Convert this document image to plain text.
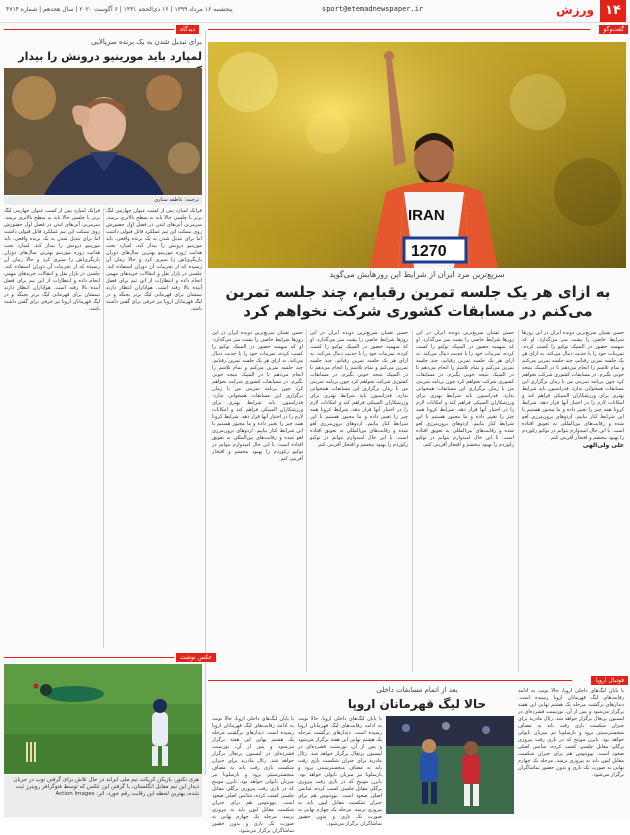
۱۴
ورزش
sport@etemadnewspaper.ir
پنجشنبه ۱۶ مرداد ۱۳۹۹ | ۱۶ ذی‌الحجه ۱۴۴۱ | ۶ آگوست ۲۰۲۰ | سال هجدهم | شماره ۴۷۱۴
گفت‌وگو
IRAN
1270
سریع‌ترین مرد ایران از شرایط این روزهایش می‌گوید
به ازای هر یک جلسه تمرین رقبایم، چند جلسه تمرین می‌کنم در مسابقات کشوری شرکت نخواهم کرد
حسن تفتیان سریع‌ترین دونده ایران در این روزها شرایط خاصی را پشت سر می‌گذارد. او که سهمیه حضور در المپیک توکیو را کسب کرده، تمرینات خود را با جدیت دنبال می‌کند. به ازای هر یک جلسه تمرین رقبایم، چند جلسه تمرین می‌کنم و تمام تلاشم را انجام می‌دهم تا در المپیک نتیجه خوبی بگیرم. در مسابقات کشوری شرکت نخواهم کرد چون برنامه تمرینی من با زمان برگزاری این مسابقات همخوانی ندارد. فدراسیون باید شرایط بهتری برای ورزشکاران المپیکی فراهم کند و امکانات لازم را در اختیار آنها قرار دهد. شرایط کرونا همه چیز را تغییر داده و ما مجبور هستیم با این شرایط کنار بیاییم. اردوهای برون‌مرزی لغو شده و رقابت‌های بین‌المللی به تعویق افتاده است. با این حال امیدوارم بتوانم در توکیو رکوردم را بهبود ببخشم و افتخار آفرینی کنم.
حسن تفتیان سریع‌ترین دونده ایران در این روزها شرایط خاصی را پشت سر می‌گذارد. او که سهمیه حضور در المپیک توکیو را کسب کرده، تمرینات خود را با جدیت دنبال می‌کند. به ازای هر یک جلسه تمرین رقبایم، چند جلسه تمرین می‌کنم و تمام تلاشم را انجام می‌دهم تا در المپیک نتیجه خوبی بگیرم. در مسابقات کشوری شرکت نخواهم کرد چون برنامه تمرینی من با زمان برگزاری این مسابقات همخوانی ندارد. فدراسیون باید شرایط بهتری برای ورزشکاران المپیکی فراهم کند و امکانات لازم را در اختیار آنها قرار دهد. شرایط کرونا همه چیز را تغییر داده و ما مجبور هستیم با این شرایط کنار بیاییم. اردوهای برون‌مرزی لغو شده و رقابت‌های بین‌المللی به تعویق افتاده است. با این حال امیدوارم بتوانم در توکیو رکوردم را بهبود ببخشم و افتخار آفرینی کنم.
حسن تفتیان سریع‌ترین دونده ایران در این روزها شرایط خاصی را پشت سر می‌گذارد. او که سهمیه حضور در المپیک توکیو را کسب کرده، تمرینات خود را با جدیت دنبال می‌کند. به ازای هر یک جلسه تمرین رقبایم، چند جلسه تمرین می‌کنم و تمام تلاشم را انجام می‌دهم تا در المپیک نتیجه خوبی بگیرم. در مسابقات کشوری شرکت نخواهم کرد چون برنامه تمرینی من با زمان برگزاری این مسابقات همخوانی ندارد. فدراسیون باید شرایط بهتری برای ورزشکاران المپیکی فراهم کند و امکانات لازم را در اختیار آنها قرار دهد. شرایط کرونا همه چیز را تغییر داده و ما مجبور هستیم با این شرایط کنار بیاییم. اردوهای برون‌مرزی لغو شده و رقابت‌های بین‌المللی به تعویق افتاده است. با این حال امیدوارم بتوانم در توکیو رکوردم را بهبود ببخشم و افتخار آفرینی کنم.
حسن تفتیان سریع‌ترین دونده ایران در این روزها شرایط خاصی را پشت سر می‌گذارد. او که سهمیه حضور در المپیک توکیو را کسب کرده، تمرینات خود را با جدیت دنبال می‌کند. به ازای هر یک جلسه تمرین رقبایم، چند جلسه تمرین می‌کنم و تمام تلاشم را انجام می‌دهم تا در المپیک نتیجه خوبی بگیرم. در مسابقات کشوری شرکت نخواهم کرد چون برنامه تمرینی من با زمان برگزاری این مسابقات همخوانی ندارد. فدراسیون باید شرایط بهتری برای ورزشکاران المپیکی فراهم کند و امکانات لازم را در اختیار آنها قرار دهد. شرایط کرونا همه چیز را تغییر داده و ما مجبور هستیم با این شرایط کنار بیاییم. اردوهای برون‌مرزی لغو شده و رقابت‌های بین‌المللی به تعویق افتاده است. با این حال امیدوارم بتوانم در توکیو رکوردم را بهبود ببخشم و افتخار آفرینی کنم.
علی ولی‌الهی
دیدگاه
برای تبدیل شدن به یک برنده سرپالایی
لمپارد باید مورینیو درونش را بیدار
ترجمه: عاطفه ستاری
فرانک لمپارد پس از کسب عنوان چهارمی لیگ برتر با چلسی حالا باید به سطح بالاتری برسد. سرمربی آبی‌های لندن در فصل اول حضورش روی نیمکت این تیم عملکرد قابل قبولی داشت اما برای تبدیل شدن به یک برنده واقعی، باید مورینیو درونش را بیدار کند. لمپارد تحت هدایت ژوزه مورینیو بهترین سال‌های دوران بازیگری‌اش را سپری کرد و حالا زمان آن رسیده که از تجربیات آن دوران استفاده کند. چلسی در بازار نقل و انتقالات خریدهای مهمی انجام داده و انتظارات از این تیم برای فصل آینده بالا رفته است. هواداران انتظار دارند تیمشان برای قهرمانی لیگ برتر بجنگد و در لیگ قهرمانان اروپا نیز حرفی برای گفتن داشته باشد.
فرانک لمپارد پس از کسب عنوان چهارمی لیگ برتر با چلسی حالا باید به سطح بالاتری برسد. سرمربی آبی‌های لندن در فصل اول حضورش روی نیمکت این تیم عملکرد قابل قبولی داشت اما برای تبدیل شدن به یک برنده واقعی، باید مورینیو درونش را بیدار کند. لمپارد تحت هدایت ژوزه مورینیو بهترین سال‌های دوران بازیگری‌اش را سپری کرد و حالا زمان آن رسیده که از تجربیات آن دوران استفاده کند. چلسی در بازار نقل و انتقالات خریدهای مهمی انجام داده و انتظارات از این تیم برای فصل آینده بالا رفته است. هواداران انتظار دارند تیمشان برای قهرمانی لیگ برتر بجنگد و در لیگ قهرمانان اروپا نیز حرفی برای گفتن داشته باشد.
عکس نوشت
هری تکتور، بازیکن کریکت تیم ملی ایرلند در حال تلاش برای گرفتن توپ در جریان دیدار این تیم مقابل انگلستان، با گرفتن این عکس که توسط فتوگرافر رویترز ثبت شده، بهترین لحظه این رقابت رقم خورد. اثر: Action Images
فوتبال اروپا
بعد از اتمام مسابقات داخلی
حالا لیگ قهرمانان اروپا
با پایان لیگ‌های داخلی اروپا، حالا نوبت به ادامه رقابت‌های لیگ قهرمانان اروپا رسیده است. دیدارهای برگشت مرحله یک هشتم نهایی این هفته برگزار می‌شود و پس از آن، تورنمنت فشرده‌ای در لیسبون پرتغال برگزار خواهد شد. رئال مادرید برای جبران شکست بازی رفت باید به مصاف منچسترسیتی برود و بارسلونا نیز میزبان ناپولی خواهد بود. بایرن مونیخ که در بازی رفت پیروزی پرگلی مقابل چلسی کسب کرده، شانس اصلی صعود است. یوونتوس هم برای جبران شکست مقابل لیون باید به پیروزی برسد. مرحله یک چهارم نهایی به صورت تک بازی و بدون حضور تماشاگران برگزار می‌شود.
با پایان لیگ‌های داخلی اروپا، حالا نوبت به ادامه رقابت‌های لیگ قهرمانان اروپا رسیده است. دیدارهای برگشت مرحله یک هشتم نهایی این هفته برگزار می‌شود و پس از آن، تورنمنت فشرده‌ای در لیسبون پرتغال برگزار خواهد شد. رئال مادرید برای جبران شکست بازی رفت باید به مصاف منچسترسیتی برود و بارسلونا نیز میزبان ناپولی خواهد بود. بایرن مونیخ که در بازی رفت پیروزی پرگلی مقابل چلسی کسب کرده، شانس اصلی صعود است. یوونتوس هم برای جبران شکست مقابل لیون باید به پیروزی برسد. مرحله یک چهارم نهایی به صورت تک بازی و بدون حضور تماشاگران برگزار می‌شود.
با پایان لیگ‌های داخلی اروپا، حالا نوبت به ادامه رقابت‌های لیگ قهرمانان اروپا رسیده است. دیدارهای برگشت مرحله یک هشتم نهایی این هفته برگزار می‌شود و پس از آن، تورنمنت فشرده‌ای در لیسبون پرتغال برگزار خواهد شد. رئال مادرید برای جبران شکست بازی رفت باید به مصاف منچسترسیتی برود و بارسلونا نیز میزبان ناپولی خواهد بود. بایرن مونیخ که در بازی رفت پیروزی پرگلی مقابل چلسی کسب کرده، شانس اصلی صعود است. یوونتوس هم برای جبران شکست مقابل لیون باید به پیروزی برسد. مرحله یک چهارم نهایی به صورت تک بازی و بدون حضور تماشاگران برگزار می‌شود.
